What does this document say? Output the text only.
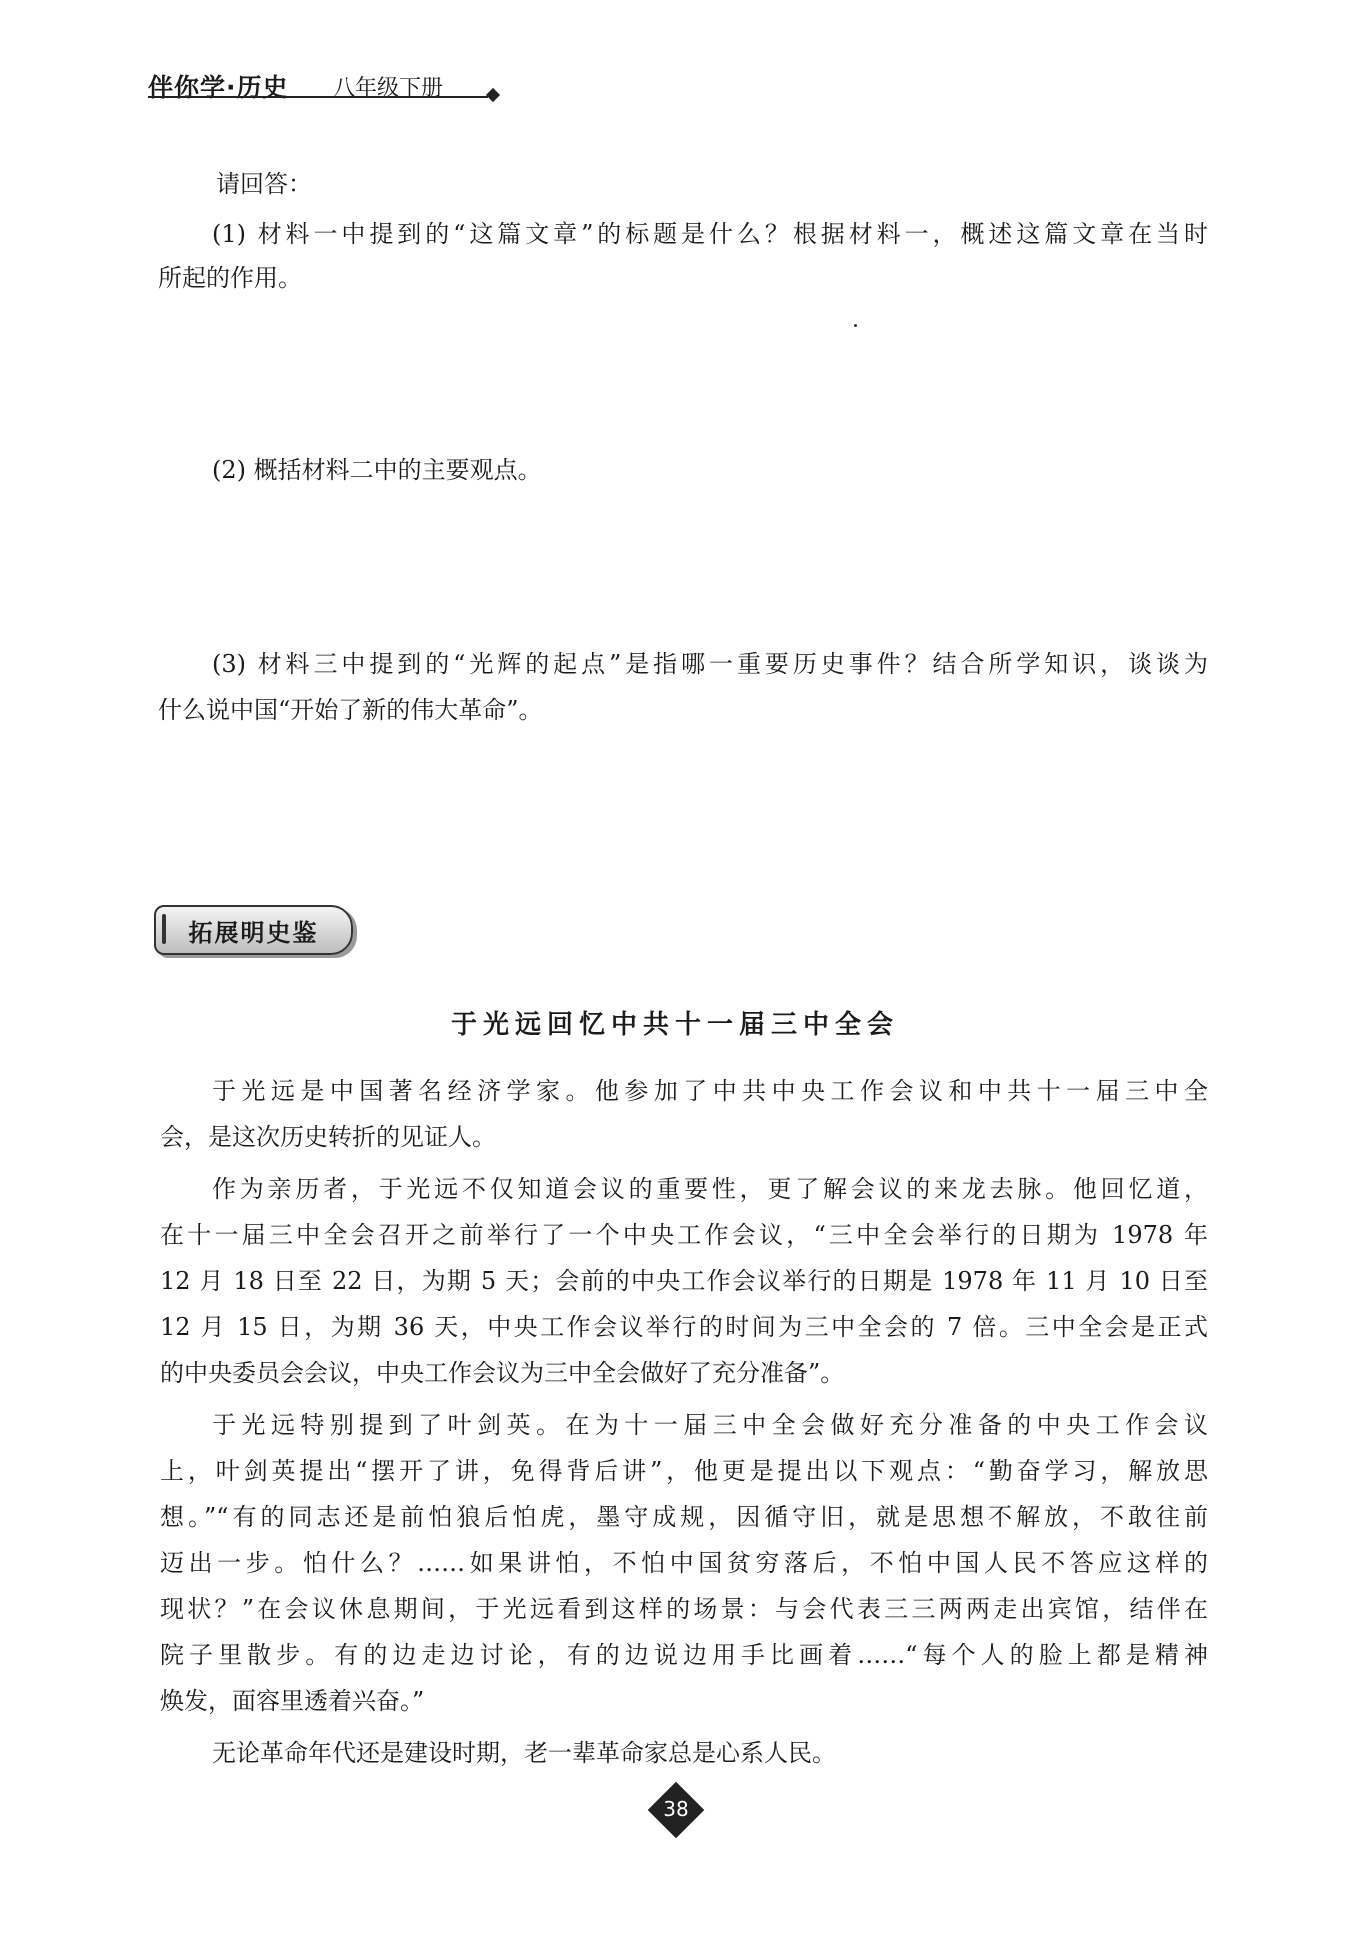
伴你学·历史 八年级下册
请回答：
(1) 材料一中提到的“这篇文章”的标题是什么？根据材料一，概述这篇文章在当时
所起的作用。
(2) 概括材料二中的主要观点。
(3) 材料三中提到的“光辉的起点”是指哪一重要历史事件？结合所学知识，谈谈为
什么说中国“开始了新的伟大革命”。
拓展明史鉴
于光远回忆中共十一届三中全会
于光远是中国著名经济学家。他参加了中共中央工作会议和中共十一届三中全
会，是这次历史转折的见证人。
作为亲历者，于光远不仅知道会议的重要性，更了解会议的来龙去脉。他回忆道，
在十一届三中全会召开之前举行了一个中央工作会议，“三中全会举行的日期为 1978 年
12 月 18 日至 22 日，为期 5 天；会前的中央工作会议举行的日期是 1978 年 11 月 10 日至
12 月 15 日，为期 36 天，中央工作会议举行的时间为三中全会的 7 倍。三中全会是正式
的中央委员会会议，中央工作会议为三中全会做好了充分准备”。
于光远特别提到了叶剑英。在为十一届三中全会做好充分准备的中央工作会议
上，叶剑英提出“摆开了讲，免得背后讲”，他更是提出以下观点：“勤奋学习，解放思
想。”“有的同志还是前怕狼后怕虎，墨守成规，因循守旧，就是思想不解放，不敢往前
迈出一步。怕什么？……如果讲怕，不怕中国贫穷落后，不怕中国人民不答应这样的
现状？”在会议休息期间，于光远看到这样的场景：与会代表三三两两走出宾馆，结伴在
院子里散步。有的边走边讨论，有的边说边用手比画着……“每个人的脸上都是精神
焕发，面容里透着兴奋。”
无论革命年代还是建设时期，老一辈革命家总是心系人民。
38
